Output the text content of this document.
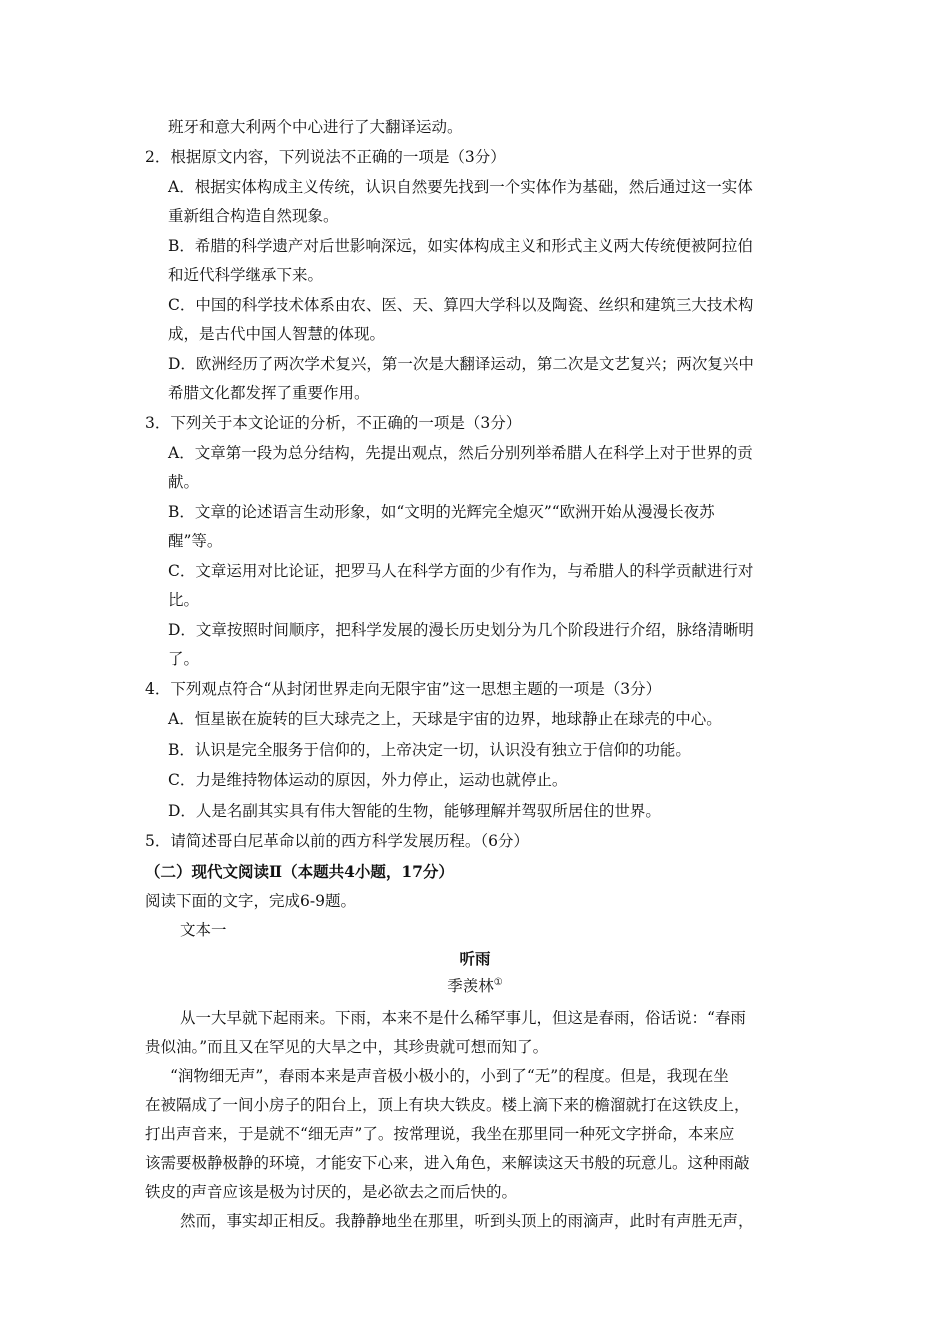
班牙和意大利两个中心进行了大翻译运动。
2．根据原文内容，下列说法不正确的一项是（3分）
A．根据实体构成主义传统，认识自然要先找到一个实体作为基础，然后通过这一实体
重新组合构造自然现象。
B．希腊的科学遗产对后世影响深远，如实体构成主义和形式主义两大传统便被阿拉伯
和近代科学继承下来。
C．中国的科学技术体系由农、医、天、算四大学科以及陶瓷、丝织和建筑三大技术构
成，是古代中国人智慧的体现。
D．欧洲经历了两次学术复兴，第一次是大翻译运动，第二次是文艺复兴；两次复兴中
希腊文化都发挥了重要作用。
3．下列关于本文论证的分析，不正确的一项是（3分）
A．文章第一段为总分结构，先提出观点，然后分别列举希腊人在科学上对于世界的贡
献。
B．文章的论述语言生动形象，如“文明的光辉完全熄灭”“欧洲开始从漫漫长夜苏
醒”等。
C．文章运用对比论证，把罗马人在科学方面的少有作为，与希腊人的科学贡献进行对
比。
D．文章按照时间顺序，把科学发展的漫长历史划分为几个阶段进行介绍，脉络清晰明
了。
4．下列观点符合“从封闭世界走向无限宇宙”这一思想主题的一项是（3分）
A．恒星嵌在旋转的巨大球壳之上，天球是宇宙的边界，地球静止在球壳的中心。
B．认识是完全服务于信仰的，上帝决定一切，认识没有独立于信仰的功能。
C．力是维持物体运动的原因，外力停止，运动也就停止。
D．人是名副其实具有伟大智能的生物，能够理解并驾驭所居住的世界。
5．请简述哥白尼革命以前的西方科学发展历程。（6分）
（二）现代文阅读Ⅱ（本题共4小题，17分）
阅读下面的文字，完成6-9题。
文本一
听雨
季羡林①
从一大早就下起雨来。下雨，本来不是什么稀罕事儿，但这是春雨，俗话说：“春雨
贵似油。”而且又在罕见的大旱之中，其珍贵就可想而知了。
“润物细无声”，春雨本来是声音极小极小的，小到了“无”的程度。但是，我现在坐
在被隔成了一间小房子的阳台上，顶上有块大铁皮。楼上滴下来的檐溜就打在这铁皮上，
打出声音来，于是就不“细无声”了。按常理说，我坐在那里同一种死文字拼命，本来应
该需要极静极静的环境，才能安下心来，进入角色，来解读这天书般的玩意儿。这种雨敲
铁皮的声音应该是极为讨厌的，是必欲去之而后快的。
然而，事实却正相反。我静静地坐在那里，听到头顶上的雨滴声，此时有声胜无声，
